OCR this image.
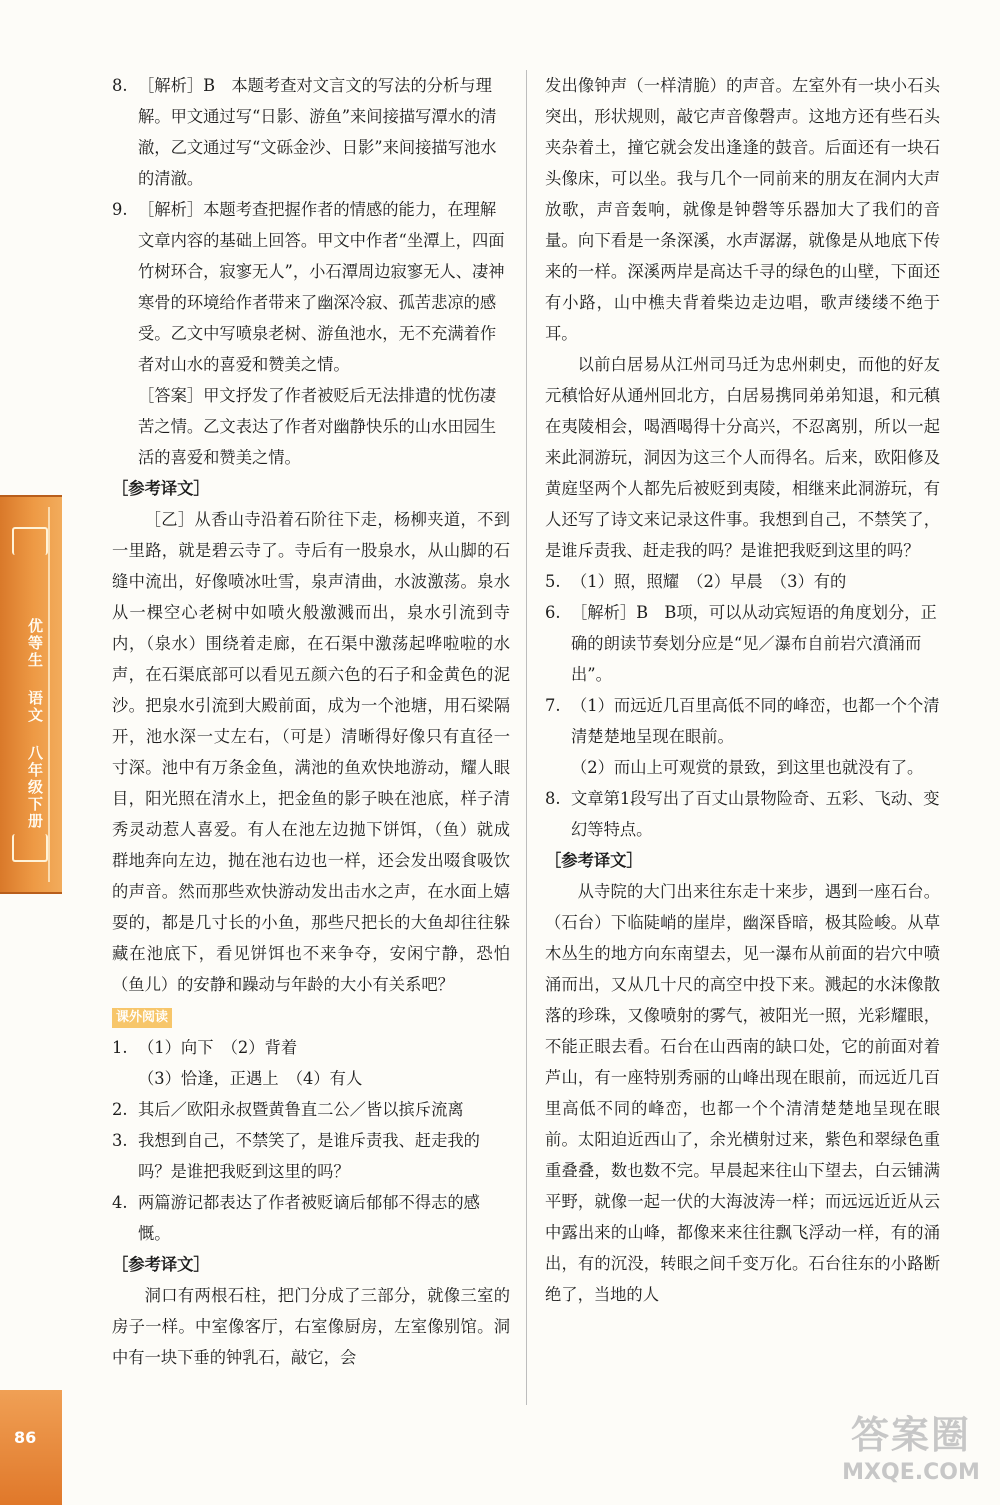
优等生 语文 八年级下册
86
8. ［解析］B　本题考查对文言文的写法的分析与理解。甲文通过写“日影、游鱼”来间接描写潭水的清澈，乙文通过写“文砾金沙、日影”来间接描写池水的清澈。
9. ［解析］本题考查把握作者的情感的能力，在理解文章内容的基础上回答。甲文中作者“坐潭上，四面竹树环合，寂寥无人”，小石潭周边寂寥无人、凄神寒骨的环境给作者带来了幽深冷寂、孤苦悲凉的感受。乙文中写喷泉老树、游鱼池水，无不充满着作者对山水的喜爱和赞美之情。
［答案］甲文抒发了作者被贬后无法排遣的忧伤凄苦之情。乙文表达了作者对幽静快乐的山水田园生活的喜爱和赞美之情。

［参考译文］

［乙］从香山寺沿着石阶往下走，杨柳夹道，不到一里路，就是碧云寺了。寺后有一股泉水，从山脚的石缝中流出，好像喷冰吐雪，泉声清曲，水波激荡。泉水从一棵空心老树中如喷火般激溅而出，泉水引流到寺内，（泉水）围绕着走廊，在石渠中激荡起哗啦啦的水声，在石渠底部可以看见五颜六色的石子和金黄色的泥沙。把泉水引流到大殿前面，成为一个池塘，用石梁隔开，池水深一丈左右，（可是）清晰得好像只有直径一寸深。池中有万条金鱼，满池的鱼欢快地游动，耀人眼目，阳光照在清水上，把金鱼的影子映在池底，样子清秀灵动惹人喜爱。有人在池左边抛下饼饵，（鱼）就成群地奔向左边，抛在池右边也一样，还会发出啜食吸饮的声音。然而那些欢快游动发出击水之声，在水面上嬉耍的，都是几寸长的小鱼，那些尺把长的大鱼却往往躲藏在池底下，看见饼饵也不来争夺，安闲宁静，恐怕（鱼儿）的安静和躁动与年龄的大小有关系吧？

课外阅读
1. （1）向下　（2）背着
（3）恰逢，正遇上　（4）有人
2. 其后／欧阳永叔暨黄鲁直二公／皆以摈斥流离
3. 我想到自己，不禁笑了，是谁斥责我、赶走我的吗？是谁把我贬到这里的吗？
4. 两篇游记都表达了作者被贬谪后郁郁不得志的感慨。

［参考译文］

洞口有两根石柱，把门分成了三部分，就像三室的房子一样。中室像客厅，右室像厨房，左室像别馆。洞中有一块下垂的钟乳石，敲它，会

发出像钟声（一样清脆）的声音。左室外有一块小石头突出，形状规则，敲它声音像磬声。这地方还有些石头夹杂着土，撞它就会发出逢逢的鼓音。后面还有一块石头像床，可以坐。我与几个一同前来的朋友在洞内大声放歌，声音轰响，就像是钟磬等乐器加大了我们的音量。向下看是一条深溪，水声潺潺，就像是从地底下传来的一样。深溪两岸是高达千寻的绿色的山壁，下面还有小路，山中樵夫背着柴边走边唱，歌声缕缕不绝于耳。

以前白居易从江州司马迁为忠州刺史，而他的好友元稹恰好从通州回北方，白居易携同弟弟知退，和元稹在夷陵相会，喝酒喝得十分高兴，不忍离别，所以一起来此洞游玩，洞因为这三个人而得名。后来，欧阳修及黄庭坚两个人都先后被贬到夷陵，相继来此洞游玩，有人还写了诗文来记录这件事。我想到自己，不禁笑了，是谁斥责我、赶走我的吗？是谁把我贬到这里的吗？

5. （1）照，照耀　（2）早晨　（3）有的
6. ［解析］B　B项，可以从动宾短语的角度划分，正确的朗读节奏划分应是“见／瀑布自前岩穴濆涌而出”。
7. （1）而远近几百里高低不同的峰峦，也都一个个清清楚楚地呈现在眼前。
（2）而山上可观赏的景致，到这里也就没有了。
8. 文章第1段写出了百丈山景物险奇、五彩、飞动、变幻等特点。

［参考译文］

从寺院的大门出来往东走十来步，遇到一座石台。（石台）下临陡峭的崖岸，幽深昏暗，极其险峻。从草木丛生的地方向东南望去，见一瀑布从前面的岩穴中喷涌而出，又从几十尺的高空中投下来。溅起的水沫像散落的珍珠，又像喷射的雾气，被阳光一照，光彩耀眼，不能正眼去看。石台在山西南的缺口处，它的前面对着芦山，有一座特别秀丽的山峰出现在眼前，而远近几百里高低不同的峰峦，也都一个个清清楚楚地呈现在眼前。太阳迫近西山了，余光横射过来，紫色和翠绿色重重叠叠，数也数不完。早晨起来往山下望去，白云铺满平野，就像一起一伏的大海波涛一样；而远远近近从云中露出来的山峰，都像来来往往飘飞浮动一样，有的涌出，有的沉没，转眼之间千变万化。石台往东的小路断绝了，当地的人

答案圈
MXQE.COM
